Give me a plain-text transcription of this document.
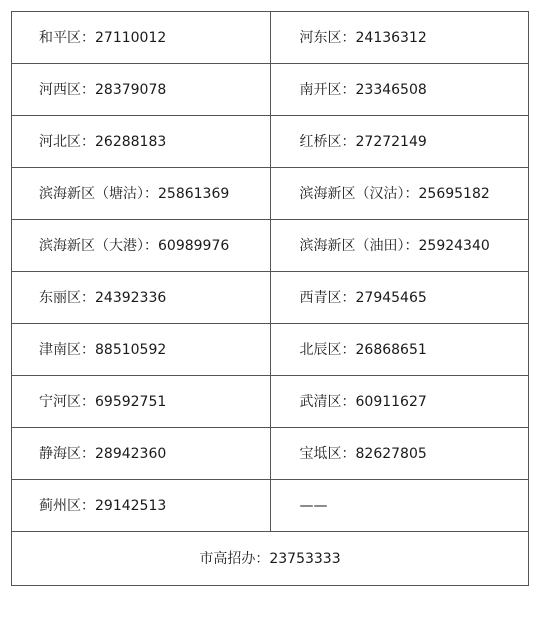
和平区：27110012	河东区：24136312
河西区：28379078	南开区：23346508
河北区：26288183	红桥区：27272149
滨海新区（塘沽）：25861369	滨海新区（汉沽）：25695182
滨海新区（大港）：60989976	滨海新区（油田）：25924340
东丽区：24392336	西青区：27945465
津南区：88510592	北辰区：26868651
宁河区：69592751	武清区：60911627
静海区：28942360	宝坻区：82627805
蓟州区：29142513	——
市高招办：23753333	
